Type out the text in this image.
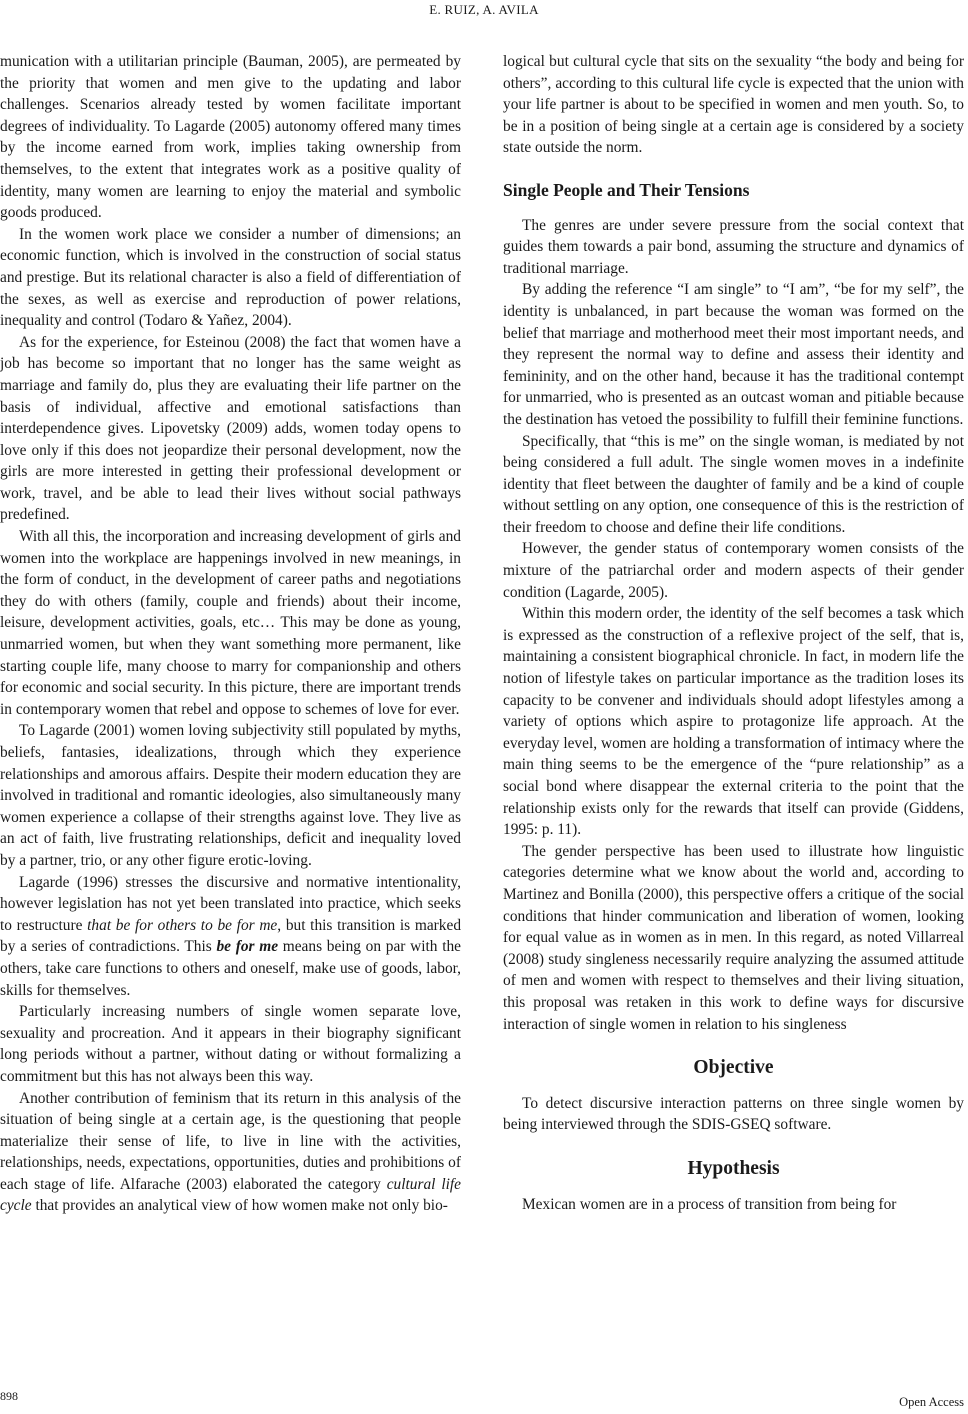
E. RUIZ, A. AVILA

munication with a utilitarian principle (Bauman, 2005), are permeated by the priority that women and men give to the updating and labor challenges. Scenarios already tested by women facilitate important degrees of individuality. To Lagarde (2005) autonomy offered many times by the income earned from work, implies taking ownership from themselves, to the extent that integrates work as a positive quality of identity, many women are learning to enjoy the material and symbolic goods produced.

In the women work place we consider a number of dimensions; an economic function, which is involved in the construction of social status and prestige. But its relational character is also a field of differentiation of the sexes, as well as exercise and reproduction of power relations, inequality and control (Todaro & Yañez, 2004).

As for the experience, for Esteinou (2008) the fact that women have a job has become so important that no longer has the same weight as marriage and family do, plus they are evaluating their life partner on the basis of individual, affective and emotional satisfactions than interdependence gives. Lipovetsky (2009) adds, women today opens to love only if this does not jeopardize their personal development, now the girls are more interested in getting their professional development or work, travel, and be able to lead their lives without social pathways predefined.

With all this, the incorporation and increasing development of girls and women into the workplace are happenings involved in new meanings, in the form of conduct, in the development of career paths and negotiations they do with others (family, couple and friends) about their income, leisure, development activities, goals, etc… This may be done as young, unmarried women, but when they want something more permanent, like starting couple life, many choose to marry for companionship and others for economic and social security. In this picture, there are important trends in contemporary women that rebel and oppose to schemes of love for ever.

To Lagarde (2001) women loving subjectivity still populated by myths, beliefs, fantasies, idealizations, through which they experience relationships and amorous affairs. Despite their modern education they are involved in traditional and romantic ideologies, also simultaneously many women experience a collapse of their strengths against love. They live as an act of faith, live frustrating relationships, deficit and inequality loved by a partner, trio, or any other figure erotic-loving.

Lagarde (1996) stresses the discursive and normative intentionality, however legislation has not yet been translated into practice, which seeks to restructure that be for others to be for me, but this transition is marked by a series of contradictions. This be for me means being on par with the others, take care functions to others and oneself, make use of goods, labor, skills for themselves.

Particularly increasing numbers of single women separate love, sexuality and procreation. And it appears in their biography significant long periods without a partner, without dating or without formalizing a commitment but this has not always been this way.

Another contribution of feminism that its return in this analysis of the situation of being single at a certain age, is the questioning that people materialize their sense of life, to live in line with the activities, relationships, needs, expectations, opportunities, duties and prohibitions of each stage of life. Alfarache (2003) elaborated the category cultural life cycle that provides an analytical view of how women make not only bio-

logical but cultural cycle that sits on the sexuality “the body and being for others”, according to this cultural life cycle is expected that the union with your life partner is about to be specified in women and men youth. So, to be in a position of being single at a certain age is considered by a society state outside the norm.

Single People and Their Tensions

The genres are under severe pressure from the social context that guides them towards a pair bond, assuming the structure and dynamics of traditional marriage.

By adding the reference “I am single” to “I am”, “be for my self”, the identity is unbalanced, in part because the woman was formed on the belief that marriage and motherhood meet their most important needs, and they represent the normal way to define and assess their identity and femininity, and on the other hand, because it has the traditional contempt for unmarried, who is presented as an outcast woman and pitiable because the destination has vetoed the possibility to fulfill their feminine functions.

Specifically, that “this is me” on the single woman, is mediated by not being considered a full adult. The single women moves in a indefinite identity that fleet between the daughter of family and be a kind of couple without settling on any option, one consequence of this is the restriction of their freedom to choose and define their life conditions.

However, the gender status of contemporary women consists of the mixture of the patriarchal order and modern aspects of their gender condition (Lagarde, 2005).

Within this modern order, the identity of the self becomes a task which is expressed as the construction of a reflexive project of the self, that is, maintaining a consistent biographical chronicle. In fact, in modern life the notion of lifestyle takes on particular importance as the tradition loses its capacity to be convener and individuals should adopt lifestyles among a variety of options which aspire to protagonize life approach. At the everyday level, women are holding a transformation of intimacy where the main thing seems to be the emergence of the “pure relationship” as a social bond where disappear the external criteria to the point that the relationship exists only for the rewards that itself can provide (Giddens, 1995: p. 11).

The gender perspective has been used to illustrate how linguistic categories determine what we know about the world and, according to Martinez and Bonilla (2000), this perspective offers a critique of the social conditions that hinder communication and liberation of women, looking for equal value as in women as in men. In this regard, as noted Villarreal (2008) study singleness necessarily require analyzing the assumed attitude of men and women with respect to themselves and their living situation, this proposal was retaken in this work to define ways for discursive interaction of single women in relation to his singleness

Objective

To detect discursive interaction patterns on three single women by being interviewed through the SDIS-GSEQ software.

Hypothesis

Mexican women are in a process of transition from being for

898	Open Access
